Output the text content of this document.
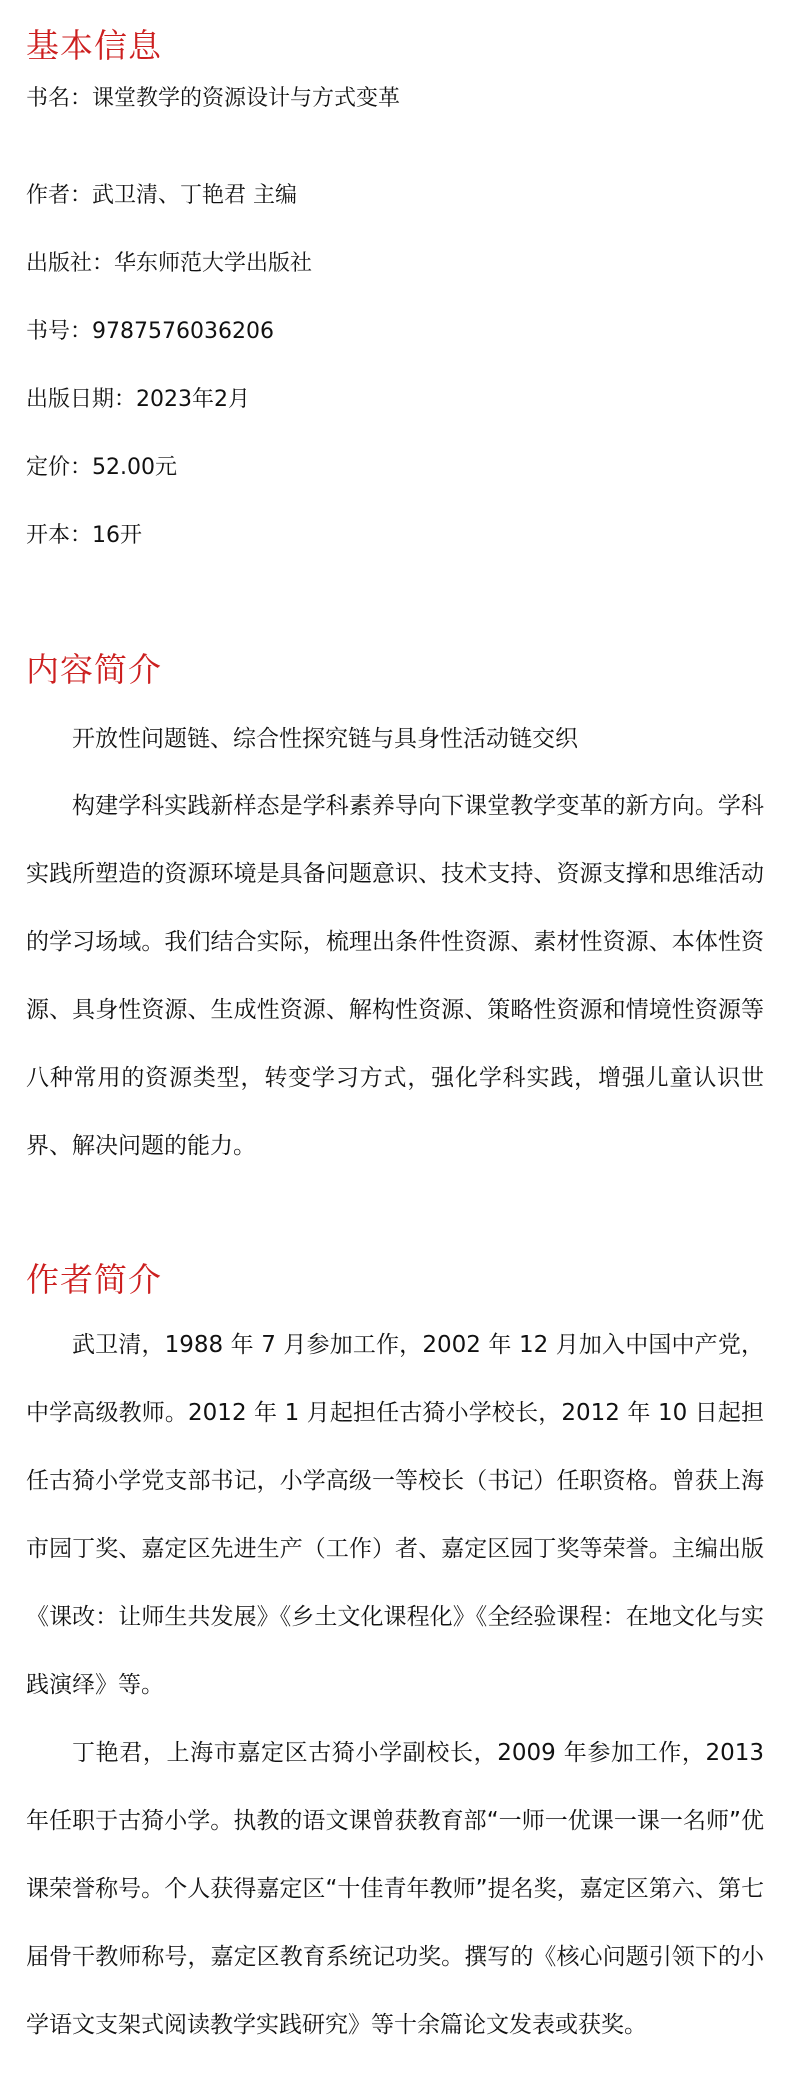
基本信息

书名：课堂教学的资源设计与方式变革

作者：武卫清、丁艳君 主编

出版社：华东师范大学出版社

书号：9787576036206

出版日期：2023年2月

定价：52.00元

开本：16开

内容简介

开放性问题链、综合性探究链与具身性活动链交织

构建学科实践新样态是学科素养导向下课堂教学变革的新方向。学科实践所塑造的资源环境是具备问题意识、技术支持、资源支撑和思维活动的学习场域。我们结合实际，梳理出条件性资源、素材性资源、本体性资源、具身性资源、生成性资源、解构性资源、策略性资源和情境性资源等八种常用的资源类型，转变学习方式，强化学科实践，增强儿童认识世界、解决问题的能力。

作者简介

武卫清，1988 年 7 月参加工作，2002 年 12 月加入中国中产党，中学高级教师。2012 年 1 月起担任古猗小学校长，2012 年 10 日起担任古猗小学党支部书记，小学高级一等校长（书记）任职资格。曾获上海市园丁奖、嘉定区先进生产（工作）者、嘉定区园丁奖等荣誉。主编出版《课改：让师生共发展》《乡土文化课程化》《全经验课程：在地文化与实践演绎》等。

丁艳君，上海市嘉定区古猗小学副校长，2009 年参加工作，2013 年任职于古猗小学。执教的语文课曾获教育部“一师一优课一课一名师”优课荣誉称号。个人获得嘉定区“十佳青年教师”提名奖，嘉定区第六、第七届骨干教师称号，嘉定区教育系统记功奖。撰写的《核心问题引领下的小学语文支架式阅读教学实践研究》等十余篇论文发表或获奖。
